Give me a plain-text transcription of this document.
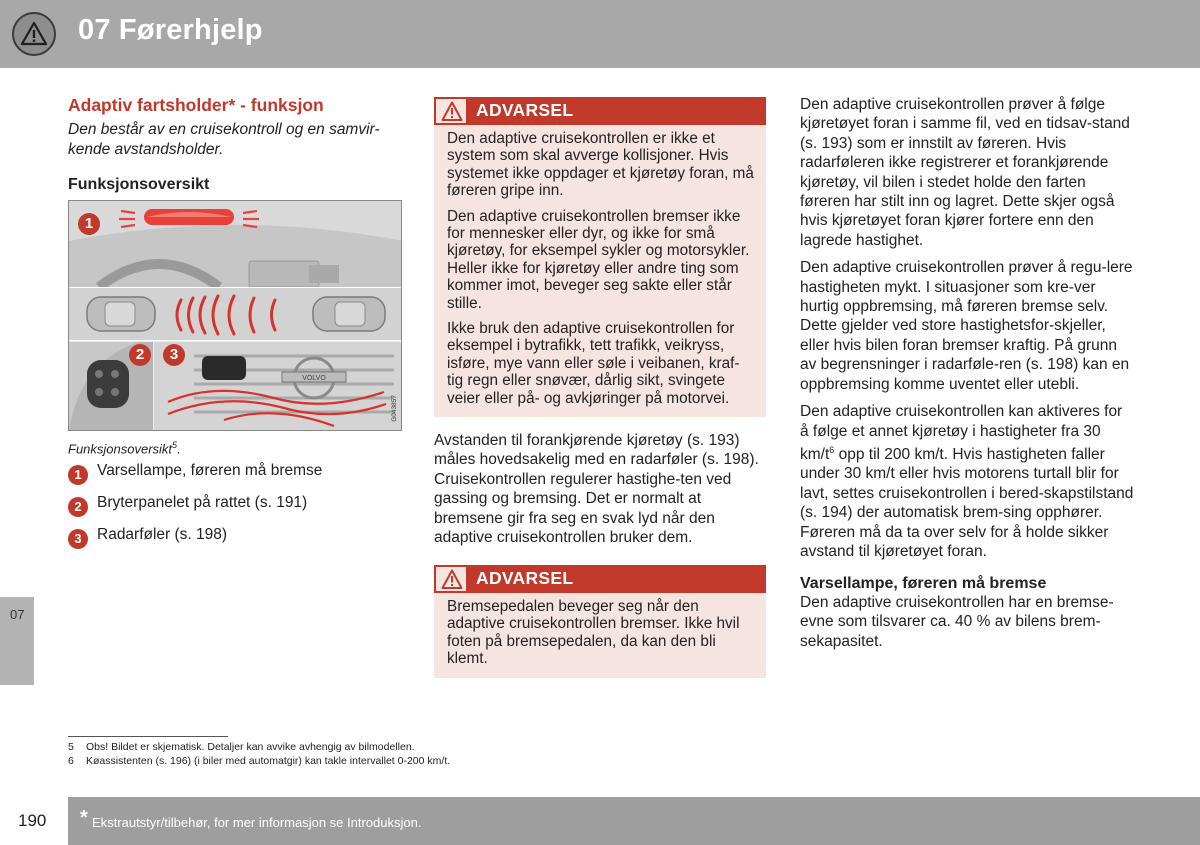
07 Førerhjelp
07
Adaptiv fartsholder* - funksjon
Den består av en cruisekontroll og en samvir-kende avstandsholder.
Funksjonsoversikt
VOLVO
1
2	3
G043857
Funksjonsoversikt$^5$.
1 Varsellampe, føreren må bremse
2 Bryterpanelet på rattet (s. 191)
3 Radarføler (s. 198)
ADVARSEL

Den adaptive cruisekontrollen er ikke et system som skal avverge kollisjoner. Hvis systemet ikke oppdager et kjøretøy foran, må føreren gripe inn.

Den adaptive cruisekontrollen bremser ikke for mennesker eller dyr, og ikke for små kjøretøy, for eksempel sykler og motorsykler. Heller ikke for kjøretøy eller andre ting som kommer imot, beveger seg sakte eller står stille.

Ikke bruk den adaptive cruisekontrollen for eksempel i bytrafikk, tett trafikk, veikryss, isføre, mye vann eller søle i veibanen, kraf-tig regn eller snøvær, dårlig sikt, svingete veier eller på- og avkjøringer på motorvei.

Avstanden til forankjørende kjøretøy (s. 193) måles hovedsakelig med en radarføler (s. 198). Cruisekontrollen regulerer hastighe-ten ved gassing og bremsing. Det er normalt at bremsene gir fra seg en svak lyd når den adaptive cruisekontrollen bruker dem.
ADVARSEL

Bremsepedalen beveger seg når den adaptive cruisekontrollen bremser. Ikke hvil foten på bremsepedalen, da kan den bli klemt.

Den adaptive cruisekontrollen prøver å følge kjøretøyet foran i samme fil, ved en tidsav-stand (s. 193) som er innstilt av føreren. Hvis radarføleren ikke registrerer et forankjørende kjøretøy, vil bilen i stedet holde den farten føreren har stilt inn og lagret. Dette skjer også hvis kjøretøyet foran kjører fortere enn den lagrede hastighet.

Den adaptive cruisekontrollen prøver å regu-lere hastigheten mykt. I situasjoner som kre-ver hurtig oppbremsing, må føreren bremse selv. Dette gjelder ved store hastighetsfor-skjeller, eller hvis bilen foran bremser kraftig. På grunn av begrensninger i radarføle-ren (s. 198) kan en oppbremsing komme uventet eller utebli.

Den adaptive cruisekontrollen kan aktiveres for å følge et annet kjøretøy i hastigheter fra 30 $km/t^6$ opp til 200 km/t. Hvis hastigheten faller under 30 km/t eller hvis motorens turtall blir for lavt, settes cruisekontrollen i bered-skapstilstand (s. 194) der automatisk brem-sing opphører. Føreren må da ta over selv for å holde sikker avstand til kjøretøyet foran.

Varsellampe, føreren må bremse

Den adaptive cruisekontrollen har en bremse-evne som tilsvarer ca. 40 % av bilens brem-sekapasitet.

5 Obs! Bildet er skjematisk. Detaljer kan avvike avhengig av bilmodellen.
6 Køassistenten (s. 196) (i biler med automatgir) kan takle intervallet 0-200 km/t.
190	* Ekstrautstyr/tilbehør, for mer informasjon se Introduksjon.
